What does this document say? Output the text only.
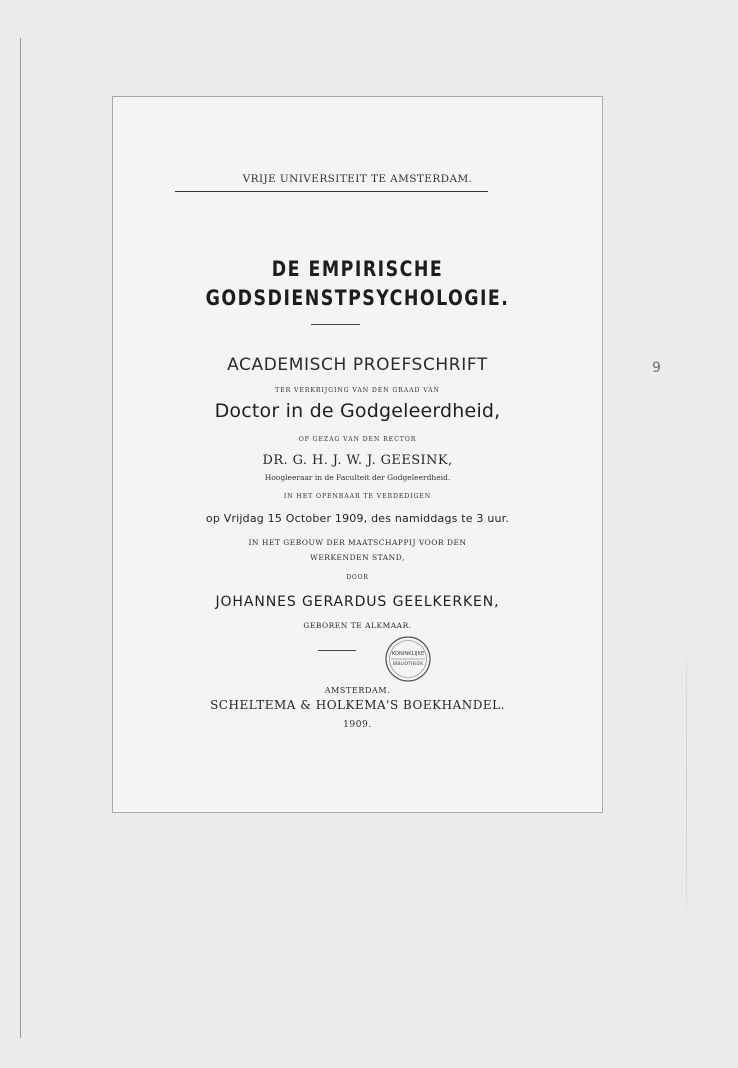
9
VRIJE UNIVERSITEIT TE AMSTERDAM.
DE EMPIRISCHE
GODSDIENSTPSYCHOLOGIE.
ACADEMISCH PROEFSCHRIFT
TER VERKRIJGING VAN DEN GRAAD VAN
Doctor in de Godgeleerdheid,
OP GEZAG VAN DEN RECTOR
DR. G. H. J. W. J. GEESINK,
Hoogleeraar in de Faculteit der Godgeleerdheid.
IN HET OPENBAAR TE VERDEDIGEN
op Vrijdag 15 October 1909, des namiddags te 3 uur.
IN HET GEBOUW DER MAATSCHAPPIJ VOOR DEN
WERKENDEN STAND,
DOOR
JOHANNES GERARDUS GEELKERKEN,
GEBOREN TE ALKMAAR.
KONINKLIJKE
BIBLIOTHEEK
AMSTERDAM.
SCHELTEMA & HOLKEMA'S BOEKHANDEL.
1909.
